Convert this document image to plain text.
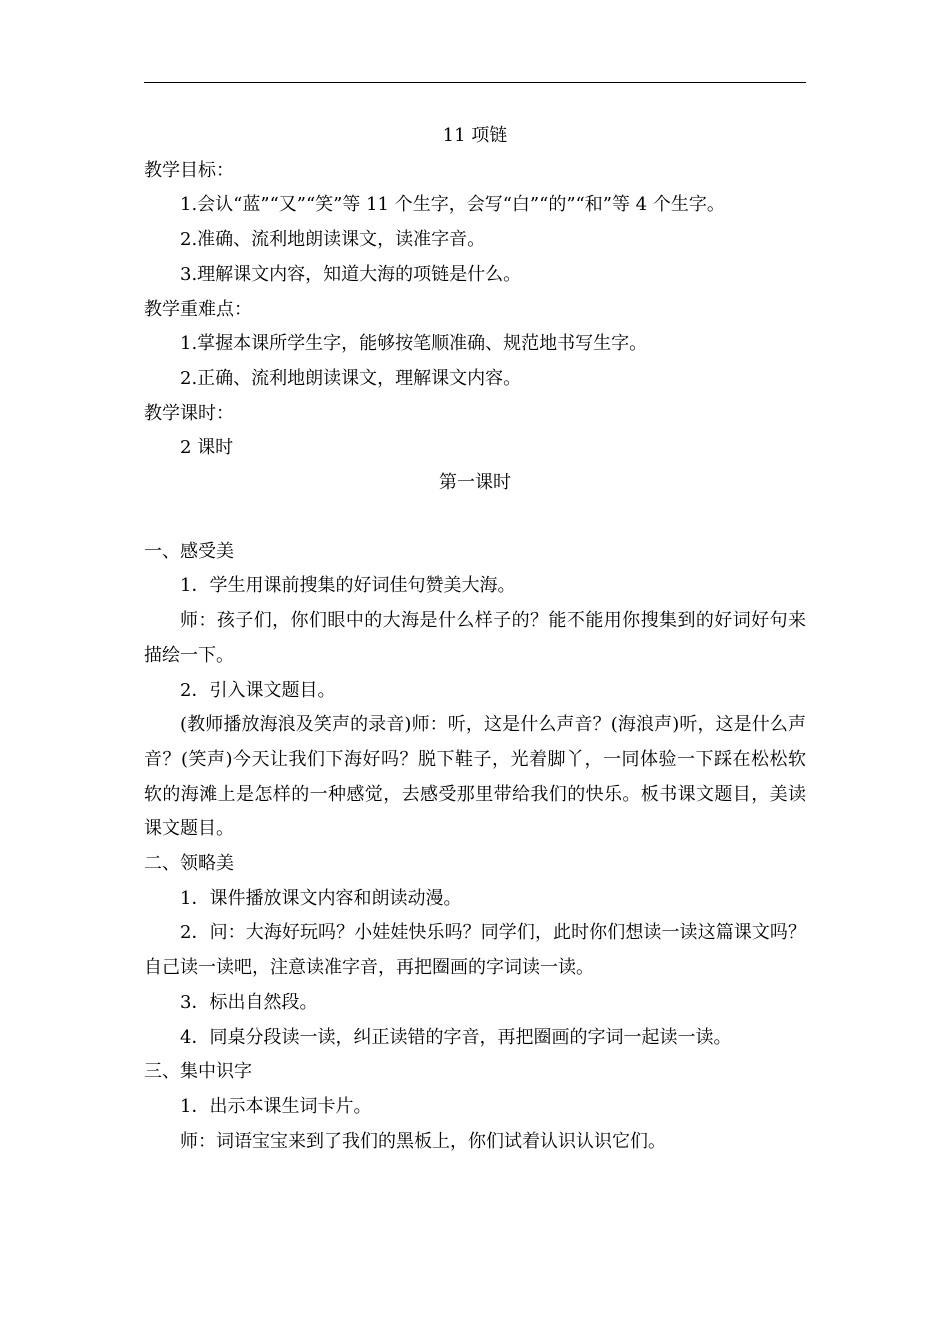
11 项链

教学目标：

1.会认“蓝”“又”“笑”等 11 个生字，会写“白”“的”“和”等 4 个生字。

2.准确、流利地朗读课文，读准字音。

3.理解课文内容，知道大海的项链是什么。

教学重难点：

1.掌握本课所学生字，能够按笔顺准确、规范地书写生字。

2.正确、流利地朗读课文，理解课文内容。

教学课时：

2 课时

第一课时

一、感受美

1．学生用课前搜集的好词佳句赞美大海。

师：孩子们，你们眼中的大海是什么样子的？能不能用你搜集到的好词好句来描绘一下。

2．引入课文题目。

(教师播放海浪及笑声的录音)师：听，这是什么声音？(海浪声)听，这是什么声音？(笑声)今天让我们下海好吗？脱下鞋子，光着脚丫，一同体验一下踩在松松软软的海滩上是怎样的一种感觉，去感受那里带给我们的快乐。板书课文题目，美读课文题目。

二、领略美

1．课件播放课文内容和朗读动漫。

2．问：大海好玩吗？小娃娃快乐吗？同学们，此时你们想读一读这篇课文吗？自己读一读吧，注意读准字音，再把圈画的字词读一读。

3．标出自然段。

4．同桌分段读一读，纠正读错的字音，再把圈画的字词一起读一读。

三、集中识字

1．出示本课生词卡片。

师：词语宝宝来到了我们的黑板上，你们试着认识认识它们。
